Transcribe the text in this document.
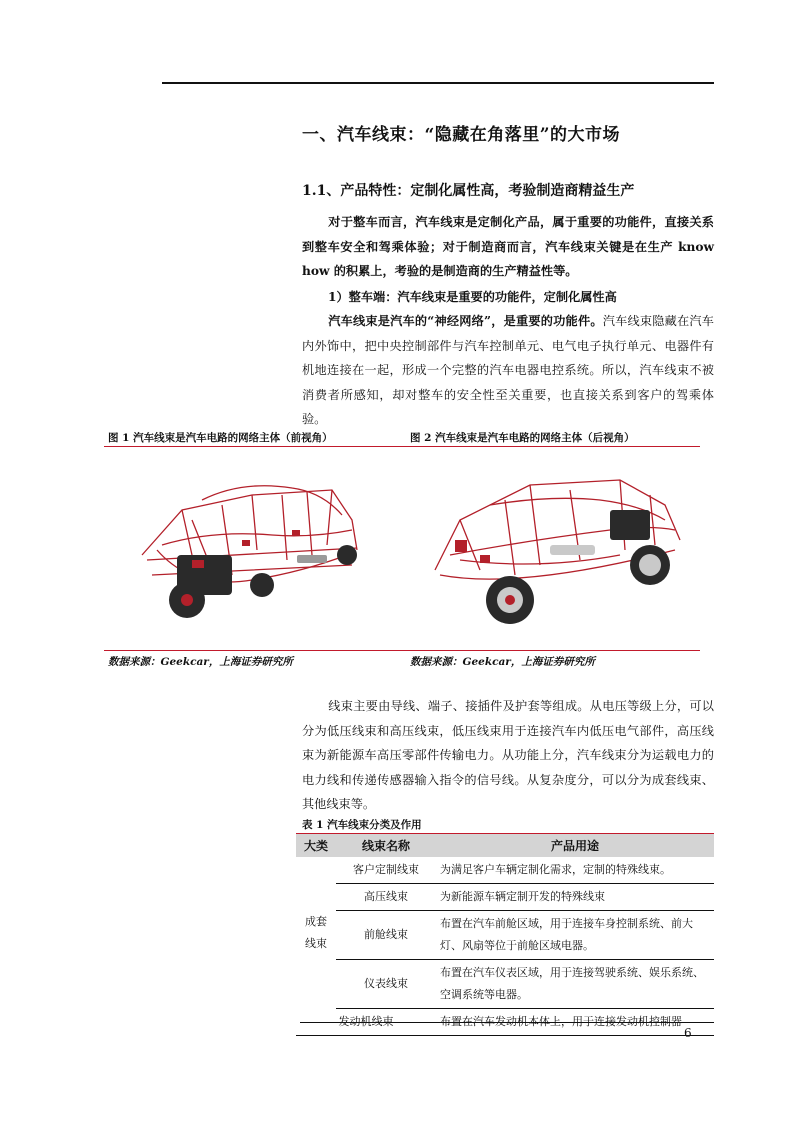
一、汽车线束：“隐藏在角落里”的大市场
1.1、产品特性：定制化属性高，考验制造商精益生产
对于整车而言，汽车线束是定制化产品，属于重要的功能件，直接关系到整车安全和驾乘体验；对于制造商而言，汽车线束关键是在生产 know how 的积累上，考验的是制造商的生产精益性等。
1）整车端：汽车线束是重要的功能件，定制化属性高
汽车线束是汽车的“神经网络”，是重要的功能件。汽车线束隐藏在汽车内外饰中，把中央控制部件与汽车控制单元、电气电子执行单元、电器件有机地连接在一起，形成一个完整的汽车电器电控系统。所以，汽车线束不被消费者所感知，却对整车的安全性至关重要，也直接关系到客户的驾乘体验。
图 1 汽车线束是汽车电路的网络主体（前视角）	图 2 汽车线束是汽车电路的网络主体（后视角）
数据来源：Geekcar，上海证券研究所	数据来源：Geekcar，上海证券研究所
线束主要由导线、端子、接插件及护套等组成。从电压等级上分，可以分为低压线束和高压线束，低压线束用于连接汽车内低压电气部件，高压线束为新能源车高压零部件传输电力。从功能上分，汽车线束分为运载电力的电力线和传递传感器输入指令的信号线。从复杂度分，可以分为成套线束、其他线束等。
表 1 汽车线束分类及作用
大类	线束名称	产品用途
成套线束	客户定制线束	为满足客户车辆定制化需求，定制的特殊线束。
	高压线束	为新能源车辆定制开发的特殊线束
	前舱线束	布置在汽车前舱区域，用于连接车身控制系统、前大灯、风扇等位于前舱区域电器。
	仪表线束	布置在汽车仪表区域，用于连接驾驶系统、娱乐系统、空调系统等电器。
发动机线束		布置在汽车发动机本体上，用于连接发动机控制器
6
